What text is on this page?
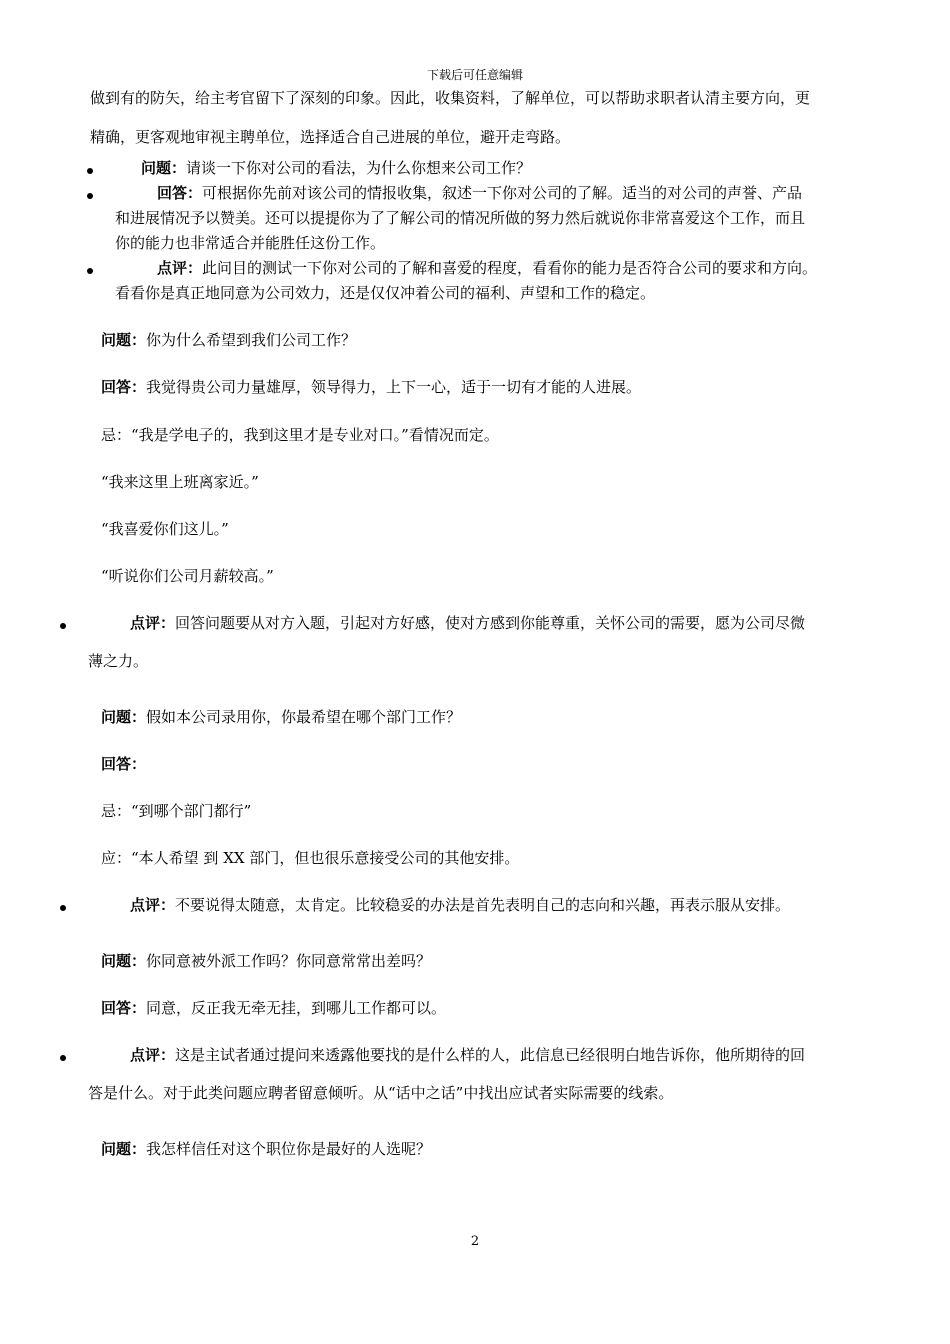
下载后可任意编辑
做到有的防矢，给主考官留下了深刻的印象。因此，收集资料，了解单位，可以帮助求职者认清主要方向，更
精确，更客观地审视主聘单位，选择适合自己进展的单位，避开走弯路。
问题：请谈一下你对公司的看法，为什么你想来公司工作？
回答：可根据你先前对该公司的情报收集，叙述一下你对公司的了解。适当的对公司的声誉、产品
和进展情况予以赞美。还可以提提你为了了解公司的情况所做的努力然后就说你非常喜爱这个工作，而且
你的能力也非常适合并能胜任这份工作。
点评：此问目的测试一下你对公司的了解和喜爱的程度，看看你的能力是否符合公司的要求和方向。
看看你是真正地同意为公司效力，还是仅仅冲着公司的福利、声望和工作的稳定。
问题：你为什么希望到我们公司工作？
回答：我觉得贵公司力量雄厚，领导得力，上下一心，适于一切有才能的人进展。
忌：“我是学电子的，我到这里才是专业对口。”看情况而定。
“我来这里上班离家近。”
“我喜爱你们这儿。”
“听说你们公司月薪较高。”
点评：回答问题要从对方入题，引起对方好感，使对方感到你能尊重，关怀公司的需要，愿为公司尽微
薄之力。
问题：假如本公司录用你，你最希望在哪个部门工作？
回答：
忌：“到哪个部门都行”
应：“本人希望 到 XX 部门，但也很乐意接受公司的其他安排。
点评：不要说得太随意，太肯定。比较稳妥的办法是首先表明自己的志向和兴趣，再表示服从安排。
问题：你同意被外派工作吗？你同意常常出差吗？
回答：同意，反正我无牵无挂，到哪儿工作都可以。
点评：这是主试者通过提问来透露他要找的是什么样的人，此信息已经很明白地告诉你，他所期待的回
答是什么。对于此类问题应聘者留意倾听。从“话中之话”中找出应试者实际需要的线索。
问题：我怎样信任对这个职位你是最好的人选呢？
2
